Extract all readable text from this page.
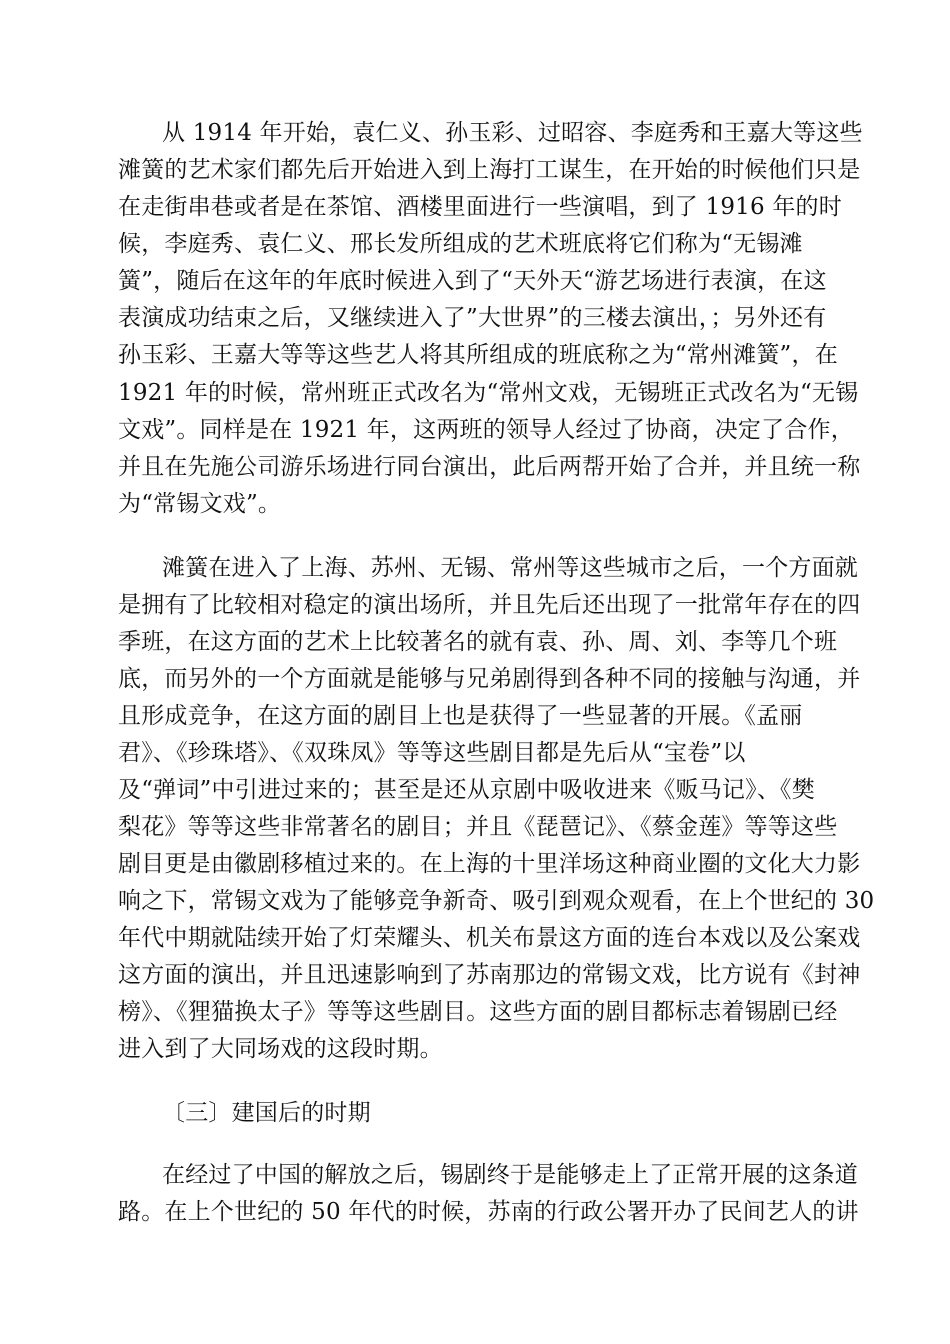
从 1914 年开始，袁仁义、孙玉彩、过昭容、李庭秀和王嘉大等这些
滩簧的艺术家们都先后开始进入到上海打工谋生，在开始的时候他们只是
在走街串巷或者是在茶馆、酒楼里面进行一些演唱，到了 1916 年的时
候，李庭秀、袁仁义、邢长发所组成的艺术班底将它们称为“无锡滩
簧”，随后在这年的年底时候进入到了“天外天“游艺场进行表演，在这
表演成功结束之后，又继续进入了”大世界”的三楼去演出，；另外还有
孙玉彩、王嘉大等等这些艺人将其所组成的班底称之为“常州滩簧”，在
1921 年的时候，常州班正式改名为“常州文戏，无锡班正式改名为“无锡
文戏”。同样是在 1921 年，这两班的领导人经过了协商，决定了合作，
并且在先施公司游乐场进行同台演出，此后两帮开始了合并，并且统一称
为“常锡文戏”。
滩簧在进入了上海、苏州、无锡、常州等这些城市之后，一个方面就
是拥有了比较相对稳定的演出场所，并且先后还出现了一批常年存在的四
季班，在这方面的艺术上比较著名的就有袁、孙、周、刘、李等几个班
底，而另外的一个方面就是能够与兄弟剧得到各种不同的接触与沟通，并
且形成竞争，在这方面的剧目上也是获得了一些显著的开展。《孟丽
君》、《珍珠塔》、《双珠凤》等等这些剧目都是先后从“宝卷”以
及“弹词”中引进过来的；甚至是还从京剧中吸收进来《贩马记》、《樊
梨花》等等这些非常著名的剧目；并且《琵琶记》、《蔡金莲》等等这些
剧目更是由徽剧移植过来的。在上海的十里洋场这种商业圈的文化大力影
响之下，常锡文戏为了能够竞争新奇、吸引到观众观看，在上个世纪的 30
年代中期就陆续开始了灯荣耀头、机关布景这方面的连台本戏以及公案戏
这方面的演出，并且迅速影响到了苏南那边的常锡文戏，比方说有《封神
榜》、《狸猫换太子》等等这些剧目。这些方面的剧目都标志着锡剧已经
进入到了大同场戏的这段时期。
〔三〕建国后的时期
在经过了中国的解放之后，锡剧终于是能够走上了正常开展的这条道
路。在上个世纪的 50 年代的时候，苏南的行政公署开办了民间艺人的讲
